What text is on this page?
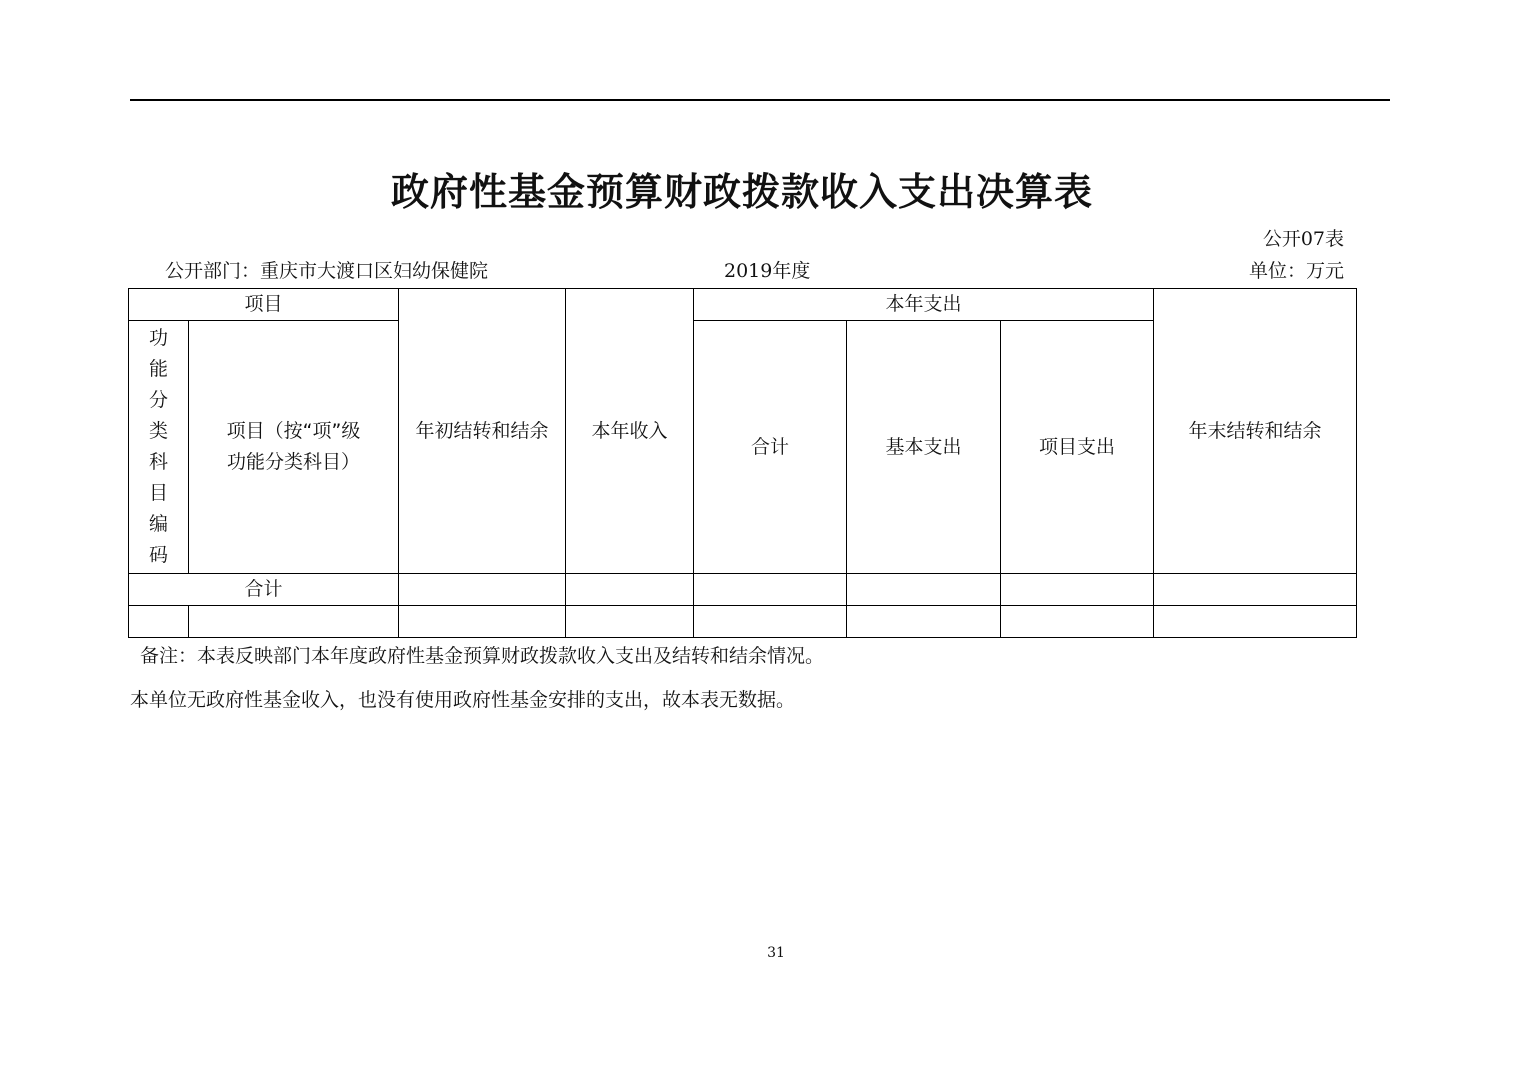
政府性基金预算财政拨款收入支出决算表
公开07表
公开部门：重庆市大渡口区妇幼保健院	2019年度	单位：万元
项目		年初结转和结余	本年收入	本年支出			年末结转和结余
功能分类科目编码	项目（按“项”级功能分类科目）			合计	基本支出	项目支出	
合计							

备注：本表反映部门本年度政府性基金预算财政拨款收入支出及结转和结余情况。
本单位无政府性基金收入，也没有使用政府性基金安排的支出，故本表无数据。
31
